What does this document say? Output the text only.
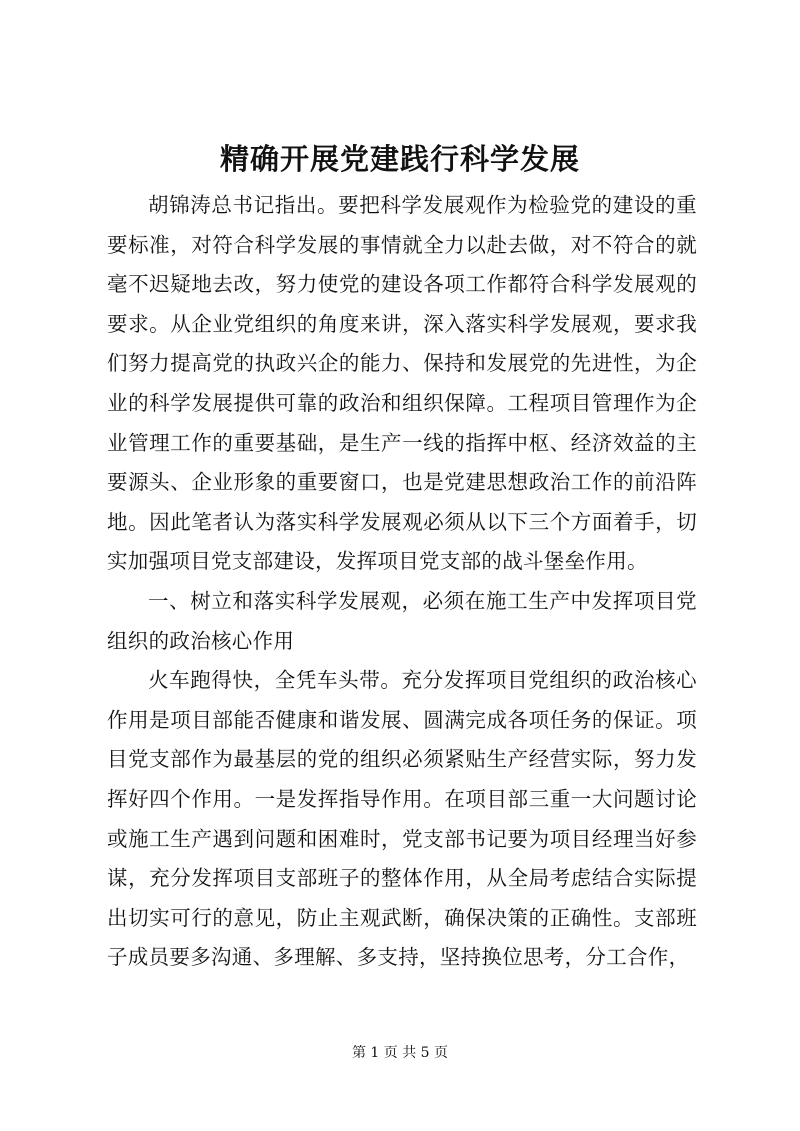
精确开展党建践行科学发展

胡锦涛总书记指出。要把科学发展观作为检验党的建设的重要标准，对符合科学发展的事情就全力以赴去做，对不符合的就毫不迟疑地去改，努力使党的建设各项工作都符合科学发展观的要求。从企业党组织的角度来讲，深入落实科学发展观，要求我们努力提高党的执政兴企的能力、保持和发展党的先进性，为企业的科学发展提供可靠的政治和组织保障。工程项目管理作为企业管理工作的重要基础，是生产一线的指挥中枢、经济效益的主要源头、企业形象的重要窗口，也是党建思想政治工作的前沿阵地。因此笔者认为落实科学发展观必须从以下三个方面着手，切实加强项目党支部建设，发挥项目党支部的战斗堡垒作用。

一、树立和落实科学发展观，必须在施工生产中发挥项目党组织的政治核心作用

火车跑得快，全凭车头带。充分发挥项目党组织的政治核心作用是项目部能否健康和谐发展、圆满完成各项任务的保证。项目党支部作为最基层的党的组织必须紧贴生产经营实际，努力发挥好四个作用。一是发挥指导作用。在项目部三重一大问题讨论或施工生产遇到问题和困难时，党支部书记要为项目经理当好参谋，充分发挥项目支部班子的整体作用，从全局考虑结合实际提出切实可行的意见，防止主观武断，确保决策的正确性。支部班子成员要多沟通、多理解、多支持，坚持换位思考，分工合作，

第 1 页 共 5 页
